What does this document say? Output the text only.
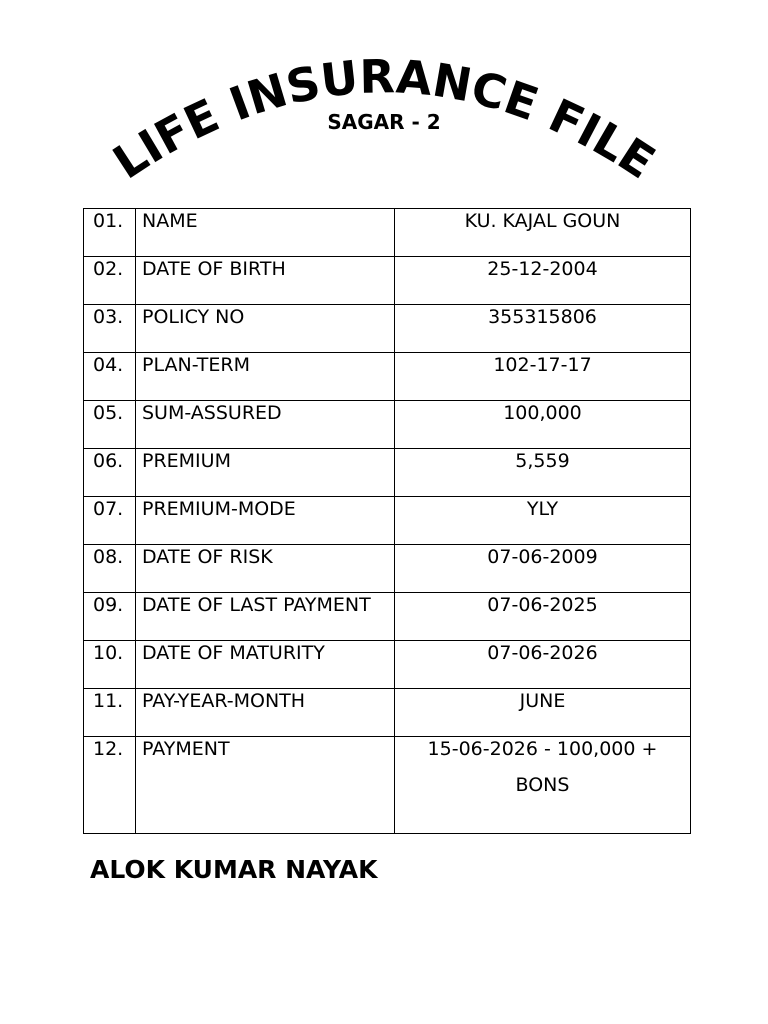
LIFE INSURANCE FILE

SAGAR - 2

01.	NAME	KU. KAJAL GOUN

02.	DATE OF BIRTH	25-12-2004

03.	POLICY NO	355315806

04.	PLAN-TERM	102-17-17

05.	SUM-ASSURED	100,000

06.	PREMIUM	5,559

07.	PREMIUM-MODE	YLY

08.	DATE OF RISK	07-06-2009

09.	DATE OF LAST PAYMENT	07-06-2025

10.	DATE OF MATURITY	07-06-2026

11.	PAY-YEAR-MONTH	JUNE

12.	PAYMENT	15-06-2026 - 100,000 +
BONS

ALOK KUMAR NAYAK
